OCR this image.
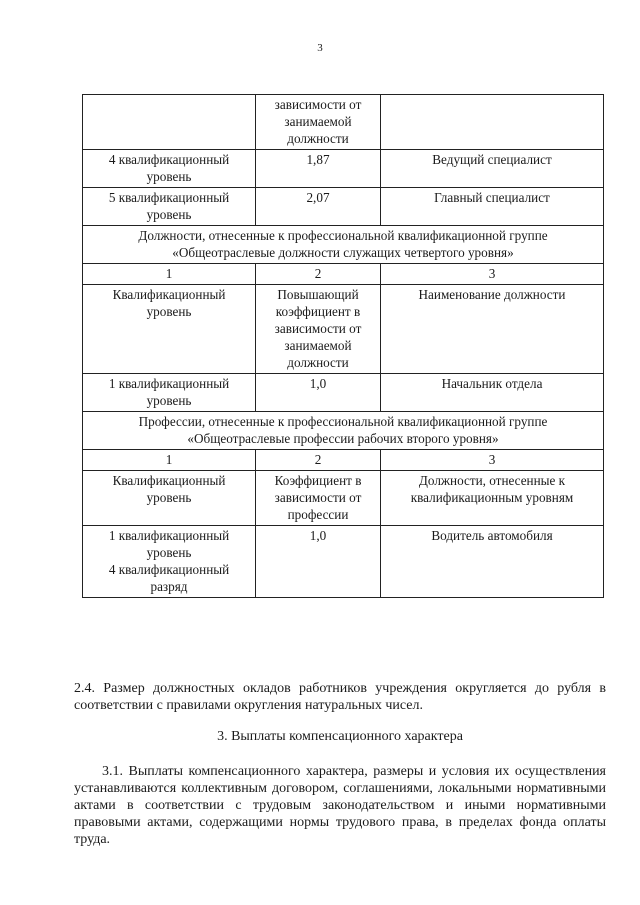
3

	зависимости от
занимаемой
должности	

4 квалификационный
уровень	1,87	Ведущий специалист

5 квалификационный
уровень	2,07	Главный специалист

Должности, отнесенные к профессиональной квалификационной группе
«Общеотраслевые должности служащих четвертого уровня»		

1	2	3

Квалификационный
уровень	Повышающий
коэффициент в
зависимости от
занимаемой
должности	Наименование должности

1 квалификационный
уровень	1,0	Начальник отдела

Профессии, отнесенные к профессиональной квалификационной группе
«Общеотраслевые профессии рабочих второго уровня»		

1	2	3

Квалификационный
уровень	Коэффициент в
зависимости от
профессии	Должности, отнесенные к
квалификационным уровням

1 квалификационный
уровень
4 квалификационный
разряд	1,0	Водитель автомобиля
2.4. Размер должностных окладов работников учреждения округляется до рубля в соответствии с правилами округления натуральных чисел.
3. Выплаты компенсационного характера
3.1. Выплаты компенсационного характера, размеры и условия их осуществления устанавливаются коллективным договором, соглашениями, локальными нормативными актами в соответствии с трудовым законодательством и иными нормативными правовыми актами, содержащими нормы трудового права, в пределах фонда оплаты труда.
